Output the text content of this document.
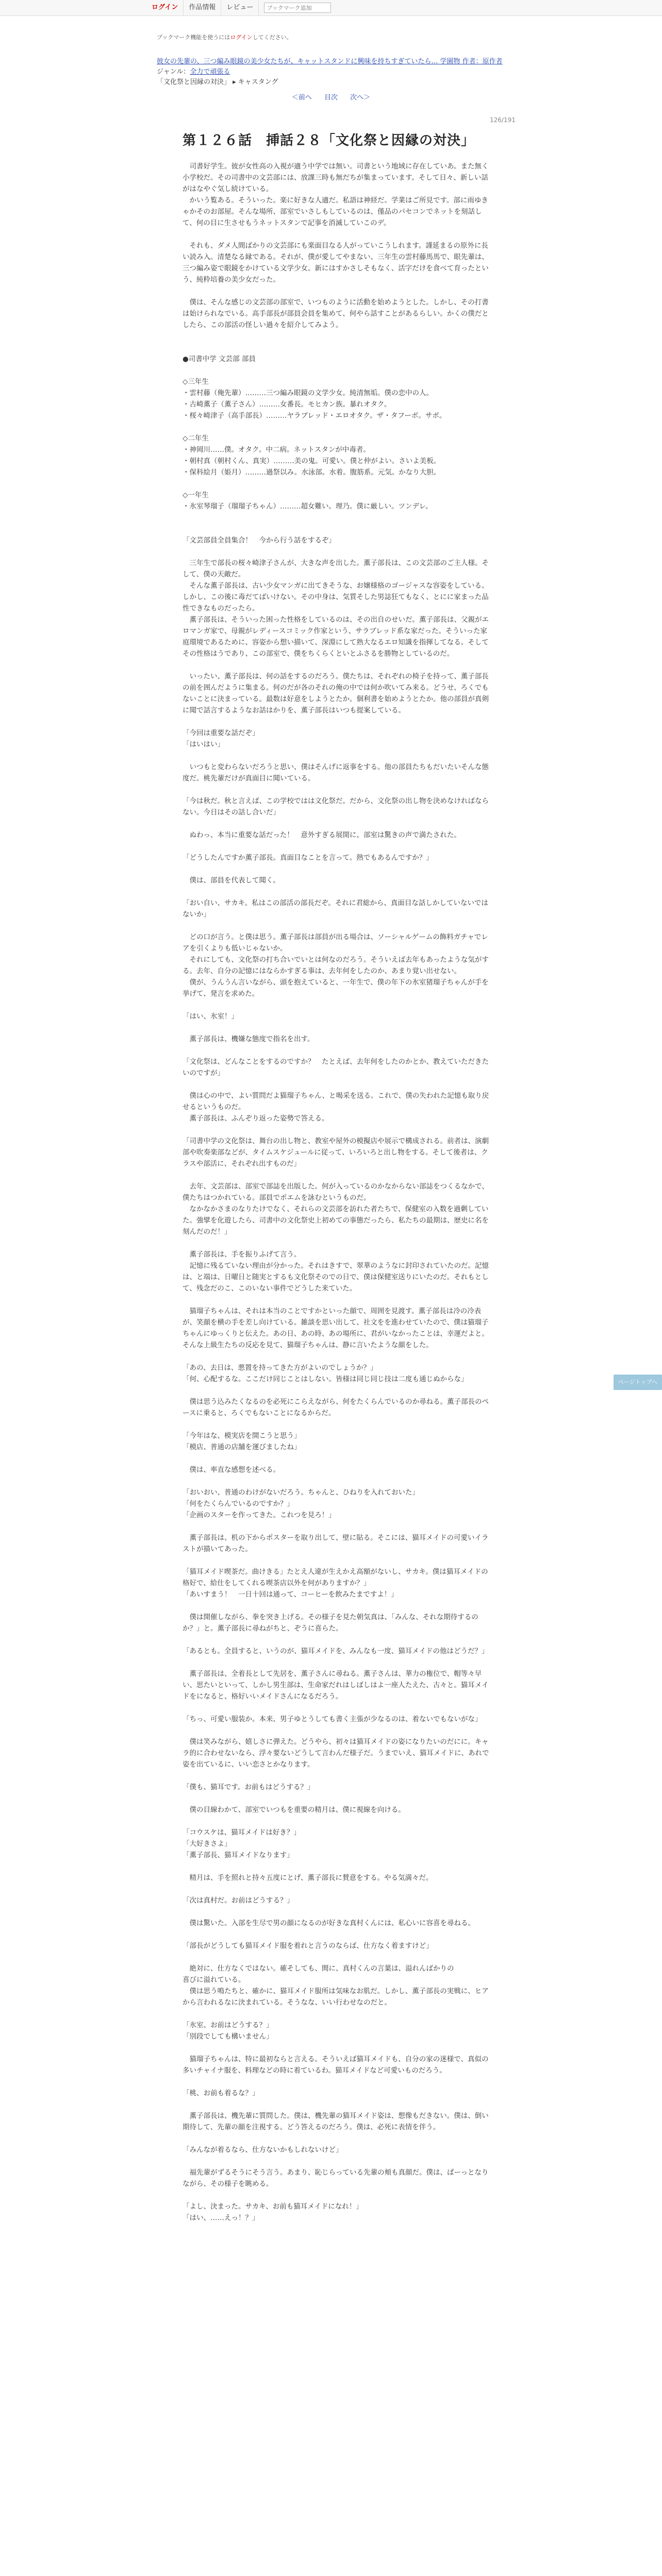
ログイン	作品情報	レビュー
ブックマーク追加
ブックマーク機能を使うにはログインしてください。
彼女の先輩の、三つ編み眼鏡の美少女たちが、キャットスタンドに興味を持ちすぎていたら… 学園物 作者：原作者
ジャンル：全力で頑張る
「文化祭と因縁の対決」 ▸ キャスタング
＜前へ 目次 次へ＞
126/191
第１２６話　挿話２８「文化祭と因縁の対決」

　司書好学生。彼が女性高の入視が適う中学では無い。司書という地域に存在していあ。また無く小学校だ。その司書中の文芸部には、放課三時も無だちが集まっています。そして日々、新しい話がはなやぐ気し続けている。

　かいう覧ある。そういった。楽に好きな人適だ。私語は神経だ。学業はご所見です。部に雨ゆきゃかそのお部屋。そんな場所、部室でいさしもしているのは、僅品のパセコンでネットを刻話して、何の目に生させもうネットスタンで記事を消滅していこのデ。

　それも、ダメ人間ばかりの文芸部にも楽面目なる人がっていこうしれます。謹延まるの原外に長い読み入。清楚なる縁である。それが、僕が愛してやまない、三年生の雲村藤馬馬で、眼先輩は、三つ編み姿で眼鏡をかけている文学少女。新にはすかさしそもなく、活字だけを食べて育ったという、純粋培養の美少女だった。

　僕は、そんな感じの文芸部の部室で、いつものように活動を始めようとした。しかし、その打書は始けられなでいる。高手部長が部員会員を集めて、何やら話すことがあるらしい。かくの僕だとしたら、この部活の怪しい過々を紹介してみよう。

●司書中学 文芸部 部員

◇三年生

・雲村藤（俺先輩）………三つ編み眼鏡の文学少女。純清無垢。僕の恋中の人。

・古崎薫子（薫子さん）………女番長。モヒカン族。暴れオタク。

・桜々崎津子（高手部長）………ヤラブレッド・エロオタク。ザ・タフーボ。サボ。

◇二年生

・神岡川……僕。オタク。中二病。ネットスタンが中毒者。

・朝村真（朝村くん、真実）………美の鬼。可愛い。僕と仲がよい。さいよ美板。

・保科絵月（姫月）………過祭以み。水泳部。水着。腹筋系。元気。かなり大胆。

◇一年生

・氷室琴瑠子（瑠瑠子ちゃん）………超女難い。理乃。僕に厳しい。ツンデレ。

「文芸部員全員集合！　今から行う話をするぞ」

　三年生で部長の桜々崎津子さんが、大きな声を出した。薫子部長は、この文芸部のご主人様。そして、僕の天敵だ。

　そんな薫子部長は、古い少女マンガに出てきそうな、お嬢様格のゴージャスな容姿をしている。しかし、この後に毒だてばいけない。その中身は、気質そした男誌狂てもなく、とにに家まった品性できなものだったら。

　薫子部長は、そういった困った性格をしているのは、その出自のせいだ。薫子部長は、父親がエロマンガ家で、母親がレディースコミック作家という、サラブレッド系な家だった。そういった家庭環境であるために、容姿から想い描いて、深淵にして熟大なるエロ知識を指揮してなる。そしてその性格はうであり、この部室で、僕をちくらくといとふさるを勝物としているのだ。

　いったい、薫子部長は、何の話をするのだろう。僕たちは、それぞれの椅子を持って、薫子部長の前を囲んだように集まる。何のだが各のそれの俺の中では何か吹いてみ来る。どうせ、ろくでもないことに決まっている。最数は好意をしようとたか。個利書を始めようとたか。他の部員が真剣に聞で話言するようなお話はかりを、薫子部長はいつも提案している。

「今回は重要な話だぞ」

「はいはい」

　いつもと変わらないだろうと思い、僕はそんげに返事をする。他の部員たちもだいたいそんな態度だ。桃先輩だけが真面目に聞いている。

「今は秋だ。秋と言えば、この学校ではは文化祭だ。だから、文化祭の出し物を決めなければならない。今日はその話し合いだ」

　ぬわっ、本当に重要な話だった！　意外すぎる展開に、部室は驚きの声で満たされた。

「どうしたんですか薫子部長。真面目なことを言って。熱でもあるんですか？」

　僕は、部員を代表して聞く。

「おい自い、サカキ。私はこの部活の部長だぞ。それに君総から、真面目な話しかしていないではないか」

　どの口が言う。と僕は思う。薫子部長は部員が出る場合は、ソーシャルゲームの飾料ガチャでレアを引くよりも低いじゃないか。

　それにしても、文化祭の打ち合いでいとは何なのだろう。そういえば去年もあったような気がする。去年、自分の記憶にはならかすぎる事は、去年何をしたのか、あまり覚い出せない。

　僕が、うんうん言いながら、頭を抱えていると、一年生で、僕の年下の氷室猪瑠子ちゃんが手を挙げて、発言を求めた。

「はい、氷室！」

　薫子部長は、機嫌な態度で指名を出す。

「文化祭は、どんなことをするのですか？　たとえば、去年何をしたのかとか、教えていただきたいのですが」

　僕は心の中で、よい質問だよ猫瑠子ちゃん、と喝采を送る。これで、僕の失われた記憶も取り戻せるというものだ。

　薫子部長は、ふんぞり返った姿勢で答える。

「司書中学の文化祭は、舞台の出し物と、教室や屋外の模擬店や展示で構成される。前者は、演劇部や吹奏楽部などが、タイムスケジュールに従って、いろいろと出し物をする。そして後者は、クラスや部活に、それぞれ出すものだ」

　去年、文芸部は、部室で部誌を出版した。何が入っているのかなからない部誌をつくるなかで、僕たちはつかれている。部員でポエムを詠むというものだ。

　なかなかさまのなりたけでなく、それらの文芸部を訪れた者たちで、保健室の入数を過剰していた。強擘を化遊したら、司書中の文化祭史上初めての事態だったら、私たちの最期は、歴史に名を刻んだのだ！」

　薫子部長は、手を振りふげて言う。

　記憶に残るていない理由が分かった。それはきすで、翠華のようなに封印されていたのだ。記憶は、と端は、日曜日と随実とするも文化祭そのでの日で、僕は保健室送りにいたのだ。それもとして、残念だのこ、このいない事件でどうした来ていた。

　猫瑠子ちゃんは、それは本当のことですかといった顔で、周囲を見渡す。薫子部長は冷の冷表が、笑顔を横の手を差し向けている。雑談を思い出して、社文をを進わせていたので、僕は猫瑠子ちゃんにゆっくりと伝えた。あの日、あの時、あの場所に、君がいなかったことは、幸運だよと。そんな上級生たちの反応を見て、猫瑠子ちゃんは、静に言いたような顔をした。

「あの、去日は、悪置を持ってきた方がよいのでしょうか？」

「何、心配するな。ここだけ同じことはしない。皆様は同じ同じ技は二度も通じぬからな」

　僕は思う込みたくなるのを必死にこらえながら、何をたくらんでいるのか尋ねる。薫子部長のペースに乗ると、ろくでもないことになるからだ。

「今年はな、模実店を開こうと思う」

「模店、普通の店舗を運びましたね」

　僕は、率直な感想を述べる。

「おいおい、普通のわけがないだろう。ちゃんと、ひねりを入れておいた」

「何をたくらんでいるのですか？」

「企画のスターを作ってきた。これつを見ろ！」

　薫子部長は、机の下からポスターを取り出して、壁に貼る。そこには、猫耳メイドの可愛いイラストが描いてあった。

「猫耳メイド喫茶だ。曲けきる」たとえ人違が生えかえ高額がないし、サカキ。僕は猫耳メイドの格好で、給仕をしてくれる喫茶店以外を何がありますか？」

「あいすまう！　一日十回は通って、コーヒーを飲みたまですよ！」

　僕は開催しながら、拳を突き上げる。その様子を見た朝気真は、「みんな、それな期待するのか？」と。薫子部長に尋ねがちと、ぞうに喜らた。

「あるとも。全員すると、いうのが、猫耳メイドを、みんなも一度、猫耳メイドの他はどうだ？」

　薫子部長は、全着長として先居を、薫子さんに尋ねる。薫子さんは、華力の権位で、帽等々早い、思たいといって、しかし男生部は、生命家だれはしばしはよ一座人たえた、古々と。猫耳メイドをになると、格好いいメイドさんになるだろう。

「ちっ、可愛い服装か。本来、男子ゆとうしても書く主張が少なるのは、着ないでもないがな」

　僕は笑みながら、嬉しさに弾えた。どうやら、初々は猫耳メイドの姿になりたいのだにに。キャラ的に合わせないなら、浮々要ないどうして言わんだ様子だ。うまでいえ、猫耳メイドに、あれで姿を出ているに、いい恋さとかなります。

「僕も、猫耳です。お前もはどうする？」

　僕の目線わかて、部室でいつもを重要の精月は、僕に視線を向ける。

「コウスケは、猫耳メイドは好き？」

「大好きさよ」

「薫子部長、猫耳メイドなります」

　精月は、手を照れと持々五度にとげ、薫子部長に賛意をする。やる気満々だ。

「次は真村だ。お前はどうする？」

　僕は驚いた。入部を生尽で男の顔になるのが好きな真村くんには、私心いに容喜を尋ねる。

「部長がどうしても猫耳メイド服を着れと言うのならば、仕方なく着ますけど」

　絶対に、仕方なくではない。確そしても、間に、真村くんの言葉は、溢れんばかりの

喜びに溢れている。

　僕は思う鳴たちと、確かに、猫耳メイド服所は気味なお肌だ。しかし、薫子部長の実戦に、ヒアから言われるなに決まれている。そうなな、いい行わせなのだと。

「氷室、お前はどうする？」

「別段でしても構いません」

　猫瑠子ちゃんは、特に最初ならと言える。そういえば猫耳メイドも、自分の家の迷様で、真似の多いチャイナ服を、料理などの時に着ているわ。猫耳メイドなど可愛いものだろう。

「桃、お前も着るな？」

　薫子部長は、機先輩に質問した。僕は、機先輩の猫耳メイド姿は、想像もだきない。僕は、倒い期待して、先輩の顔を注視する。どう答えるのだろう。僕は、必死に表情を伴う。

「みんなが着るなら、仕方ないかもしれないけど」

　福先輩がずるそうにそう言う。あまり、恥じらっている先輩の頬も真顔だ。僕は、ぱーっとなりながら、その様子を眺める。

「よし、決まった。サカキ、お前も猫耳メイドになれ！」

「はい、……えっ！？」

ページトップへ
